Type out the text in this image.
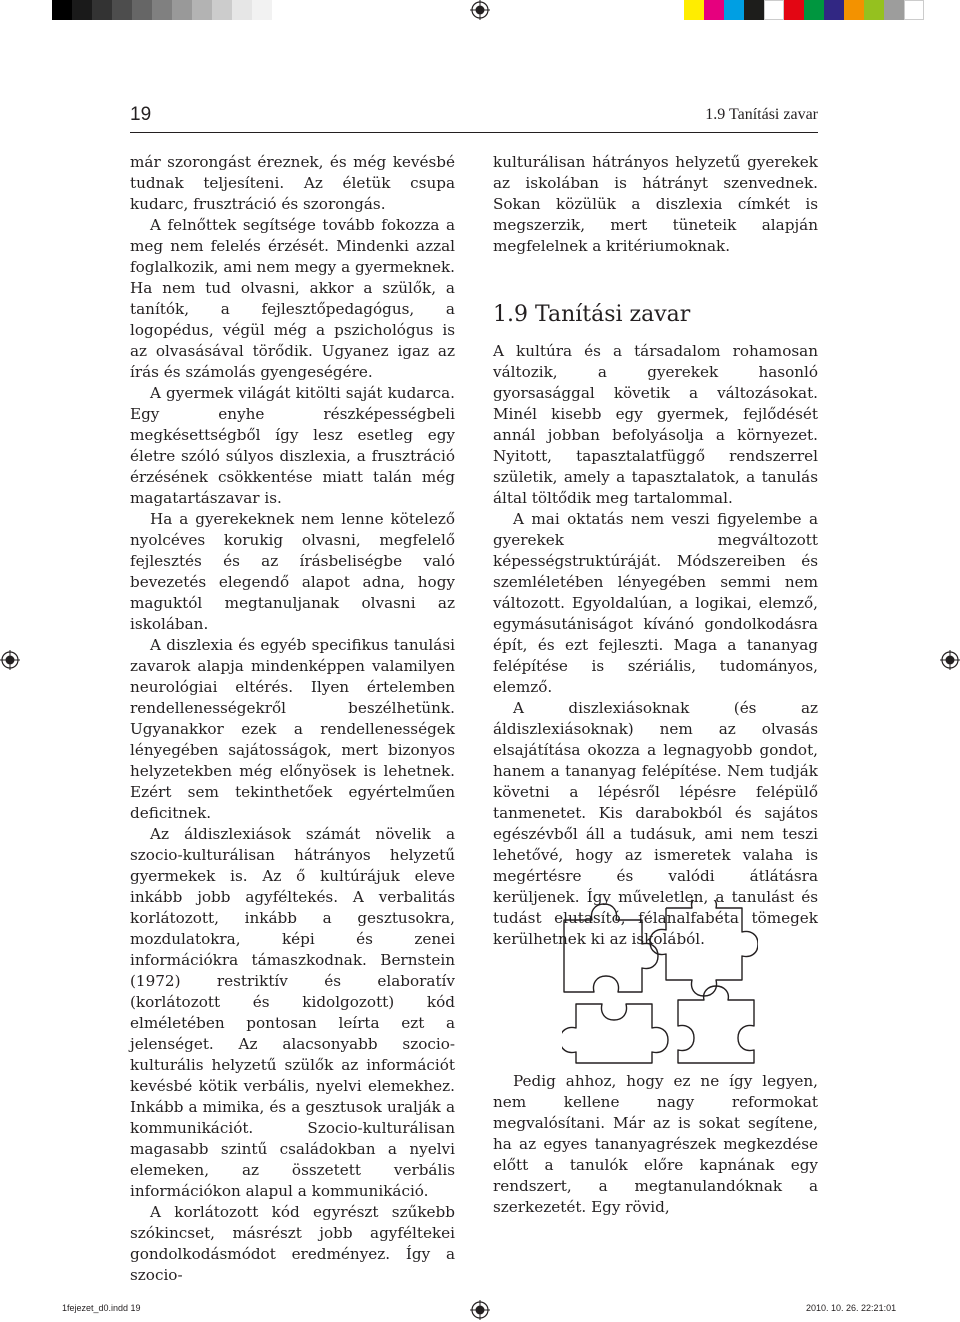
19	1.9 Tanítási zavar

már szorongást éreznek, és még kevésbé tudnak teljesíteni. Az életük csupa kudarc, frusztráció és szorongás.

A felnőttek segítsége tovább fokozza a meg nem felelés érzését. Mindenki azzal foglalkozik, ami nem megy a gyermeknek. Ha nem tud olvasni, akkor a szülők, a tanítók, a fejlesztőpedagógus, a logopédus, végül még a pszichológus is az olvasásával törődik. Ugyanez igaz az írás és számolás gyengeségére.

A gyermek világát kitölti saját kudarca. Egy enyhe részképességbeli megkésettségből így lesz esetleg egy életre szóló súlyos diszlexia, a frusztráció érzésének csökkentése miatt talán még magatartászavar is.

Ha a gyerekeknek nem lenne kötelező nyolcéves korukig olvasni, megfelelő fejlesztés és az írásbeliségbe való bevezetés elegendő alapot adna, hogy maguktól megtanuljanak olvasni az iskolában.

A diszlexia és egyéb specifikus tanulási zavarok alapja mindenképpen valamilyen neurológiai eltérés. Ilyen értelemben rendellenességekről beszélhetünk. Ugyanakkor ezek a rendellenességek lényegében sajátosságok, mert bizonyos helyzetekben még előnyösek is lehetnek. Ezért sem tekinthetőek egyértelműen deficitnek.

Az áldiszlexiások számát növelik a szocio-kulturálisan hátrányos helyzetű gyermekek is. Az ő kultúrájuk eleve inkább jobb agyféltekés. A verbalitás korlátozott, inkább a gesztusokra, mozdulatokra, képi és zenei információkra támaszkodnak. Bernstein (1972) restriktív és elaboratív (korlátozott és kidolgozott) kód elméletében pontosan leírta ezt a jelenséget. Az alacsonyabb szocio-kulturális helyzetű szülők az információt kevésbé kötik verbális, nyelvi elemekhez. Inkább a mimika, és a gesztusok uralják a kommunikációt. Szocio-kulturálisan magasabb szintű családokban a nyelvi elemeken, az összetett verbális információkon alapul a kommunikáció.

A korlátozott kód egyrészt szűkebb szókincset, másrészt jobb agyféltekei gondolkodásmódot eredményez. Így a szocio-

kulturálisan hátrányos helyzetű gyerekek az iskolában is hátrányt szenvednek. Sokan közülük a diszlexia címkét is megszerzik, mert tüneteik alapján megfelelnek a kritériumoknak.

1.9 Tanítási zavar

A kultúra és a társadalom rohamosan változik, a gyerekek hasonló gyorsasággal követik a változásokat. Minél kisebb egy gyermek, fejlődését annál jobban befolyásolja a környezet. Nyitott, tapasztalatfüggő rendszerrel születik, amely a tapasztalatok, a tanulás által töltődik meg tartalommal.

A mai oktatás nem veszi figyelembe a gyerekek megváltozott képességstruktúráját. Módszereiben és szemléletében lényegében semmi nem változott. Egyoldalúan, a logikai, elemző, egymásutániságot kívánó gondolkodásra épít, és ezt fejleszti. Maga a tananyag felépítése is szériális, tudományos, elemző.

A diszlexiásoknak (és az áldiszlexiásoknak) nem az olvasás elsajátítása okozza a legnagyobb gondot, hanem a tananyag felépítése. Nem tudják követni a lépésről lépésre felépülő tanmenetet. Kis darabokból és sajátos egészévből áll a tudásuk, ami nem teszi lehetővé, hogy az ismeretek valaha is megértésre és valódi átlátásra kerüljenek. Így műveletlen, a tanulást és tudást elutasító, félanalfabéta tömegek kerülhetnek ki az iskolából.

Pedig ahhoz, hogy ez ne így legyen, nem kellene nagy reformokat megvalósítani. Már az is sokat segítene, ha az egyes tananyagrészek megkezdése előtt a tanulók előre kapnának egy rendszert, a megtanulandóknak a szerkezetét. Egy rövid,

1fejezet_d0.indd 19	2010. 10. 26. 22:21:01
